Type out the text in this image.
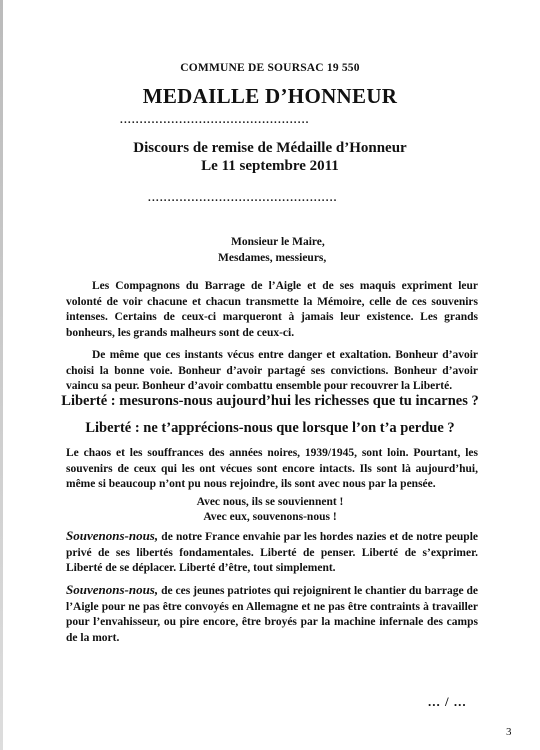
COMMUNE DE SOURSAC 19 550
MEDAILLE D’HONNEUR
................................................
Discours de remise de Médaille d’Honneur
Le 11 septembre 2011
................................................
Monsieur le Maire,
Mesdames, messieurs,
Les Compagnons du Barrage de l’Aigle et de ses maquis expriment leur volonté de voir chacune et chacun transmette la Mémoire, celle de ces souvenirs intenses. Certains de ceux-ci marqueront à jamais leur existence. Les grands bonheurs, les grands malheurs sont de ceux-ci.
De même que ces instants vécus entre danger et exaltation. Bonheur d’avoir choisi la bonne voie. Bonheur d’avoir partagé ses convictions. Bonheur d’avoir vaincu sa peur. Bonheur d’avoir combattu ensemble pour recouvrer la Liberté.
Liberté : mesurons-nous aujourd’hui les richesses que tu incarnes ?
Liberté : ne t’apprécions-nous que lorsque l’on t’a perdue ?
Le chaos et les souffrances des années noires, 1939/1945, sont loin. Pourtant, les souvenirs de ceux qui les ont vécues sont encore intacts. Ils sont là aujourd’hui, même si beaucoup n’ont pu nous rejoindre, ils sont avec nous par la pensée.
Avec nous, ils se souviennent !
Avec eux, souvenons-nous !
Souvenons-nous, de notre France envahie par les hordes nazies et de notre peuple privé de ses libertés fondamentales. Liberté de penser. Liberté de s’exprimer. Liberté de se déplacer. Liberté d’être, tout simplement.
Souvenons-nous, de ces jeunes patriotes qui rejoignirent le chantier du barrage de l’Aigle pour ne pas être convoyés en Allemagne et ne pas être contraints à travailler pour l’envahisseur, ou pire encore, être broyés par la machine infernale des camps de la mort.
... / ...
3
